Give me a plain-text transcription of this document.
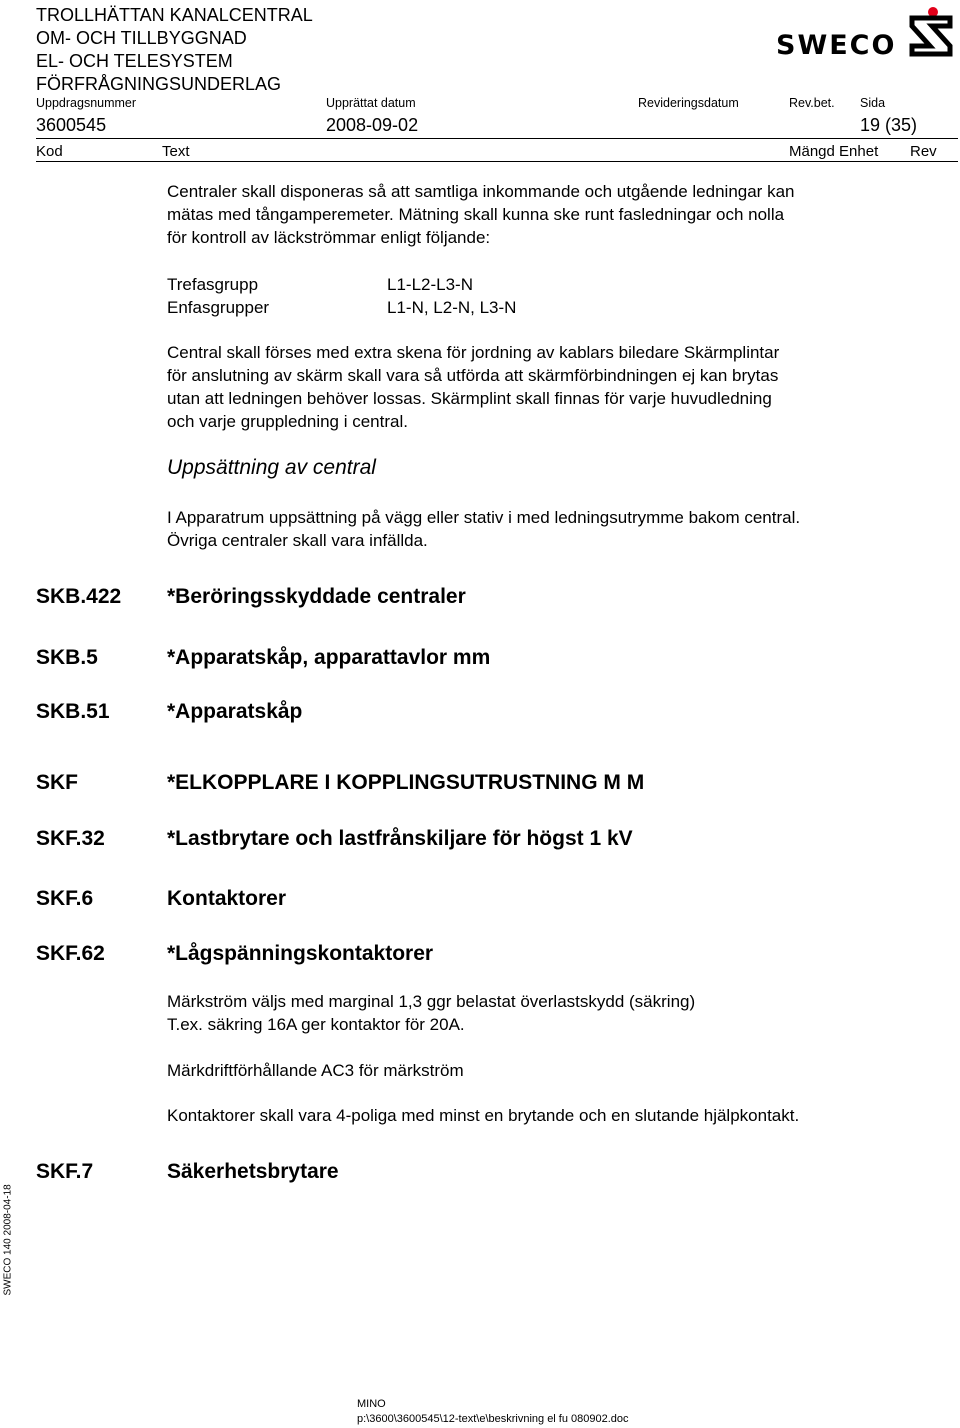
TROLLHÄTTAN KANALCENTRAL
OM- OCH TILLBYGGNAD
EL- OCH TELESYSTEM
FÖRFRÅGNINGSUNDERLAG
SWECO
Uppdragsnummer	Upprättat datum	Revideringsdatum	Rev.bet. Sida
3600545	2008-09-02	19 (35)
Kod	Text	Mängd Enhet Rev
Centraler skall disponeras så att samtliga inkommande och utgående ledningar kan
mätas med tångamperemeter. Mätning skall kunna ske runt fasledningar och nolla
för kontroll av läckströmmar enligt följande:
Trefasgrupp	L1-L2-L3-N
Enfasgrupper	L1-N, L2-N, L3-N
Central skall förses med extra skena för jordning av kablars biledare Skärmplintar
för anslutning av skärm skall vara så utförda att skärmförbindningen ej kan brytas
utan att ledningen behöver lossas. Skärmplint skall finnas för varje huvudledning
och varje gruppledning i central.
Uppsättning av central
I Apparatrum uppsättning på vägg eller stativ i med ledningsutrymme bakom central.
Övriga centraler skall vara infällda.
SKB.422 *Beröringsskyddade centraler
SKB.5	*Apparatskåp, apparattavlor mm
SKB.51	*Apparatskåp
SKF	*ELKOPPLARE I KOPPLINGSUTRUSTNING M M
SKF.32	*Lastbrytare och lastfrånskiljare för högst 1 kV
SKF.6	Kontaktorer
SKF.62	*Lågspänningskontaktorer
Märkström väljs med marginal 1,3 ggr belastat överlastskydd (säkring)
T.ex. säkring 16A ger kontaktor för 20A.
Märkdriftförhållande AC3 för märkström
Kontaktorer skall vara 4-poliga med minst en brytande och en slutande hjälpkontakt.
SKF.7	Säkerhetsbrytare
SWECO 140 2008-04-18
MINO
p:\3600\3600545\12-text\e\beskrivning el fu 080902.doc
